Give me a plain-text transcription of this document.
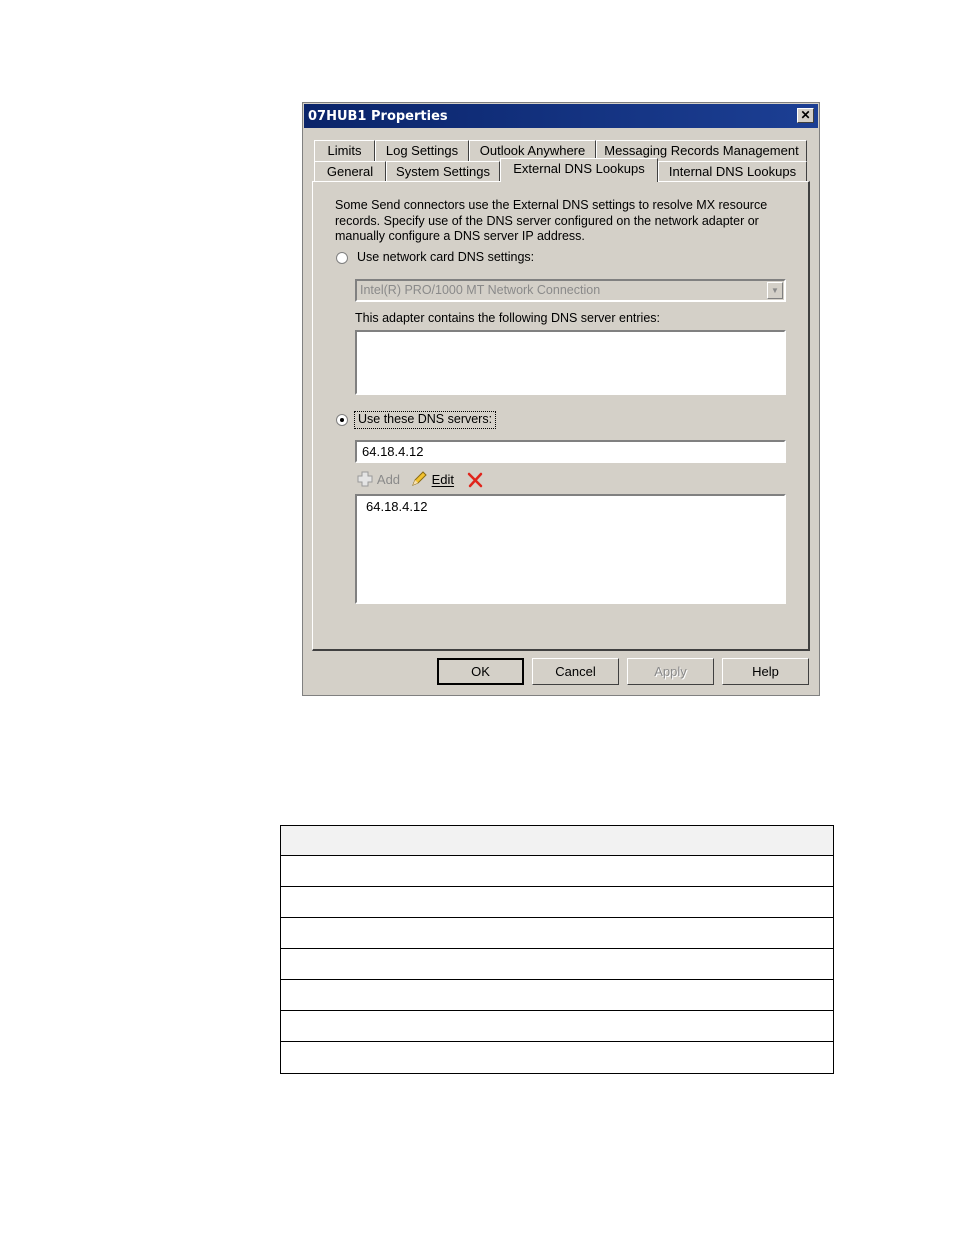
07HUB1 Properties	✕
Limits	Log Settings	Outlook Anywhere	Messaging Records Management
General	System Settings	External DNS Lookups	Internal DNS Lookups
Some Send connectors use the External DNS settings to resolve MX resource records. Specify use of the DNS server configured on the network adapter or manually configure a DNS server IP address.
Use network card DNS settings:
Intel(R) PRO/1000 MT Network Connection	▼
This adapter contains the following DNS server entries:
Use these DNS servers:
64.18.4.12
Add	Edit
64.18.4.12
OK	Cancel	Apply	Help
